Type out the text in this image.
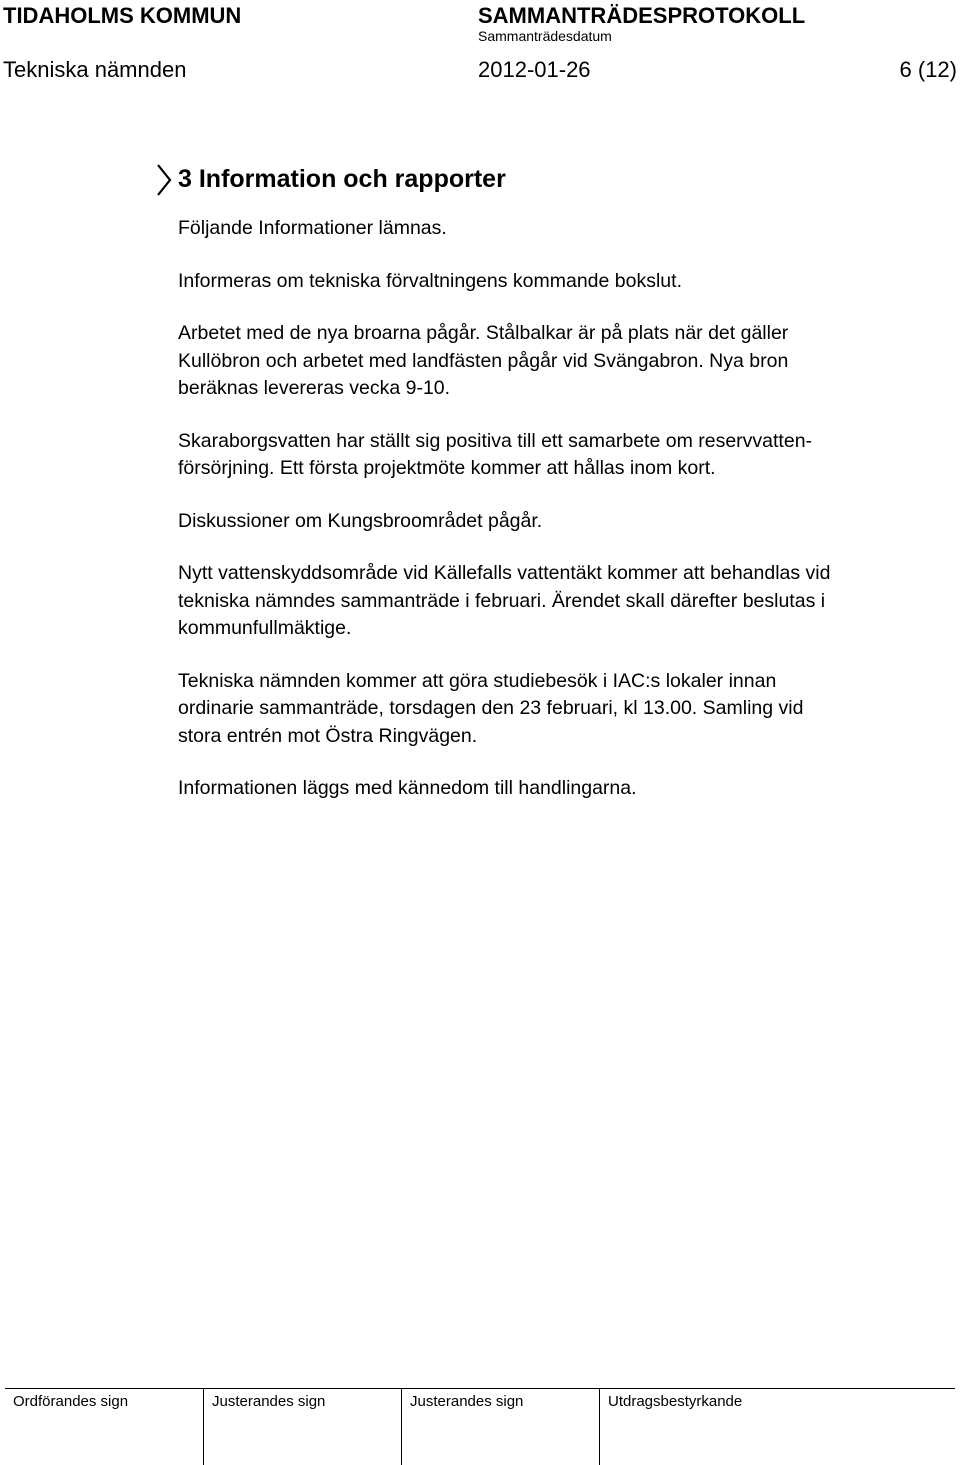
TIDAHOLMS KOMMUN	SAMMANTRÄDESPROTOKOLL
Sammanträdesdatum
Tekniska nämnden	2012-01-26	6 (12)
3 Information och rapporter
Följande Informationer lämnas.
Informeras om tekniska förvaltningens kommande bokslut.
Arbetet med de nya broarna pågår. Stålbalkar är på plats när det gäller
Kullöbron och arbetet med landfästen pågår vid Svängabron. Nya bron
beräknas levereras vecka 9-10.
Skaraborgsvatten har ställt sig positiva till ett samarbete om reservvatten-
försörjning. Ett första projektmöte kommer att hållas inom kort.
Diskussioner om Kungsbroområdet pågår.
Nytt vattenskyddsområde vid Källefalls vattentäkt kommer att behandlas vid
tekniska nämndes sammanträde i februari. Ärendet skall därefter beslutas i
kommunfullmäktige.
Tekniska nämnden kommer att göra studiebesök i IAC:s lokaler innan
ordinarie sammanträde, torsdagen den 23 februari, kl 13.00. Samling vid
stora entrén mot Östra Ringvägen.
Informationen läggs med kännedom till handlingarna.
Ordförandes sign	Justerandes sign	Justerandes sign	Utdragsbestyrkande
